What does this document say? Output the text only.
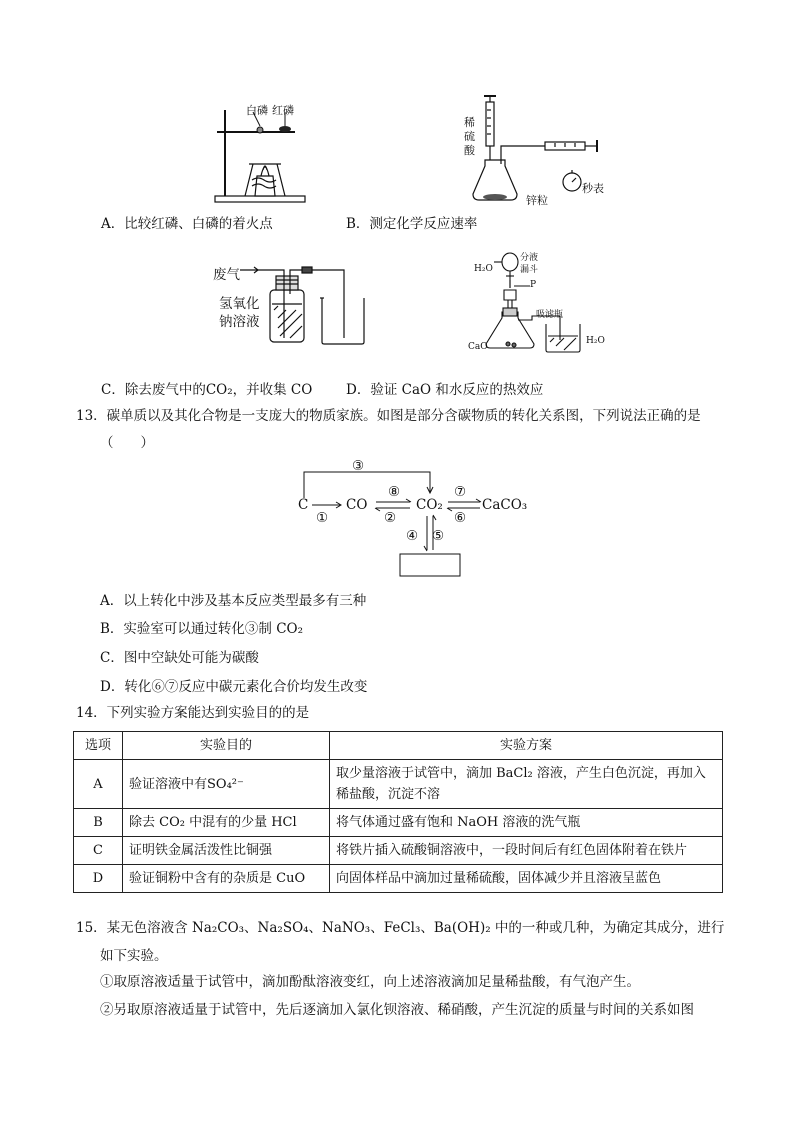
白磷 红磷
A．比较红磷、白磷的着火点
稀
硫
酸
锌粒
秒表
B．测定化学反应速率
废气
氢氧化
钠溶液
C．除去废气中的CO₂，并收集 CO
H₂O
分液
漏斗
P
吸滤瓶
CaO
H₂O
D．验证 CaO 和水反应的热效应
13．碳单质以及其化合物是一支庞大的物质家族。如图是部分含碳物质的转化关系图，下列说法正确的是
（　　）
C	CO	CO₂	CaCO₃
③
①
⑧
②
⑦
⑥
④ ⑤
A．以上转化中涉及基本反应类型最多有三种
B．实验室可以通过转化③制 CO₂
C．图中空缺处可能为碳酸
D．转化⑥⑦反应中碳元素化合价均发生改变
14．下列实验方案能达到实验目的的是
选项	实验目的	实验方案
A	验证溶液中有SO₄²⁻	取少量溶液于试管中，滴加 BaCl₂ 溶液，产生白色沉淀，再加入稀盐酸，沉淀不溶
B	除去 CO₂ 中混有的少量 HCl	将气体通过盛有饱和 NaOH 溶液的洗气瓶
C	证明铁金属活泼性比铜强	将铁片插入硫酸铜溶液中，一段时间后有红色固体附着在铁片
D	验证铜粉中含有的杂质是 CuO	向固体样品中滴加过量稀硫酸，固体减少并且溶液呈蓝色
15．某无色溶液含 Na₂CO₃、Na₂SO₄、NaNO₃、FeCl₃、Ba(OH)₂ 中的一种或几种，为确定其成分，进行
如下实验。
①取原溶液适量于试管中，滴加酚酞溶液变红，向上述溶液滴加足量稀盐酸，有气泡产生。
②另取原溶液适量于试管中，先后逐滴加入氯化钡溶液、稀硝酸，产生沉淀的质量与时间的关系如图
